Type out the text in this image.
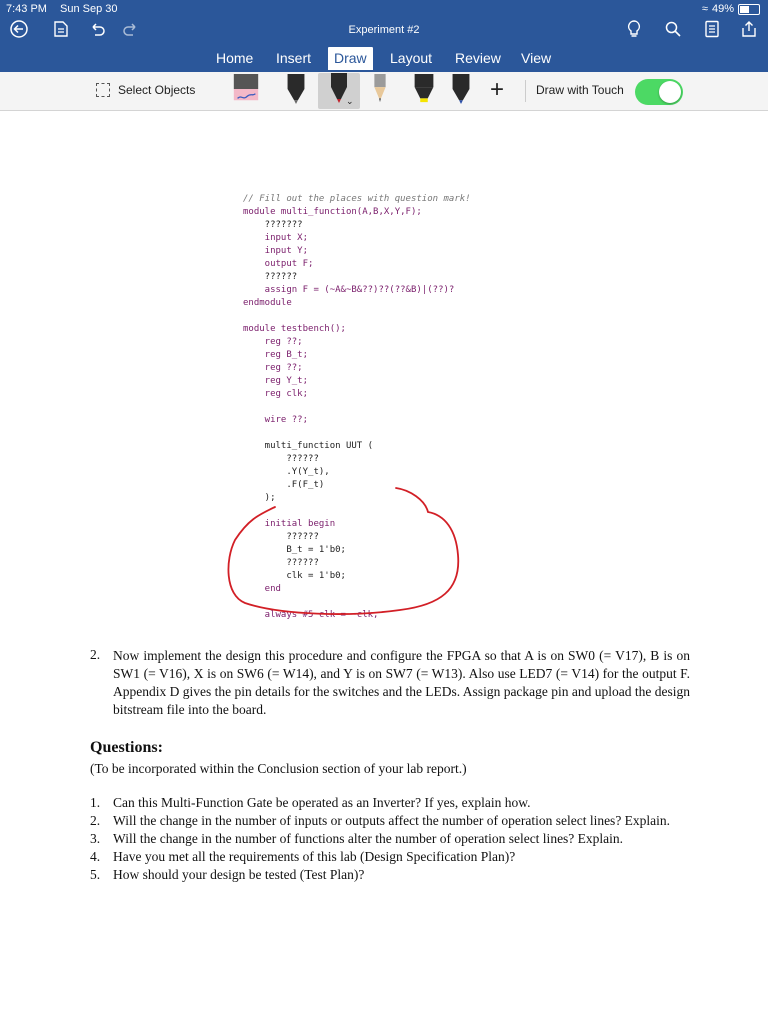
7:43 PM Sun Sep 30	≈ 49%
Experiment #2
Home Insert	Draw	Layout Review View
Select Objects
⌄	+	Draw with Touch
// Fill out the places with question mark!
module multi_function(A,B,X,Y,F);
???????
input X;
input Y;
output F;
??????
assign F = (~A&~B&??)??(??&B)|(??)?
endmodule
module testbench();
reg ??;
reg B_t;
reg ??;
reg Y_t;
reg clk;
wire ??;
multi_function UUT (
??????
.Y(Y_t),
.F(F_t)
);
initial begin
??????
B_t = 1'b0;
??????
clk = 1'b0;
end
always #5 clk = ~clk;
2. Now implement the design this procedure and configure the FPGA so that A is on SW0 (= V17), B is on SW1 (= V16), X is on SW6 (= W14), and Y is on SW7 (= W13). Also use LED7 (= V14) for the output F. Appendix D gives the pin details for the switches and the LEDs. Assign package pin and upload the design bitstream file into the board.
Questions:
(To be incorporated within the Conclusion section of your lab report.)
1. Can this Multi-Function Gate be operated as an Inverter? If yes, explain how.
2. Will the change in the number of inputs or outputs affect the number of operation select lines? Explain.
3. Will the change in the number of functions alter the number of operation select lines? Explain.
4. Have you met all the requirements of this lab (Design Specification Plan)?
5. How should your design be tested (Test Plan)?
